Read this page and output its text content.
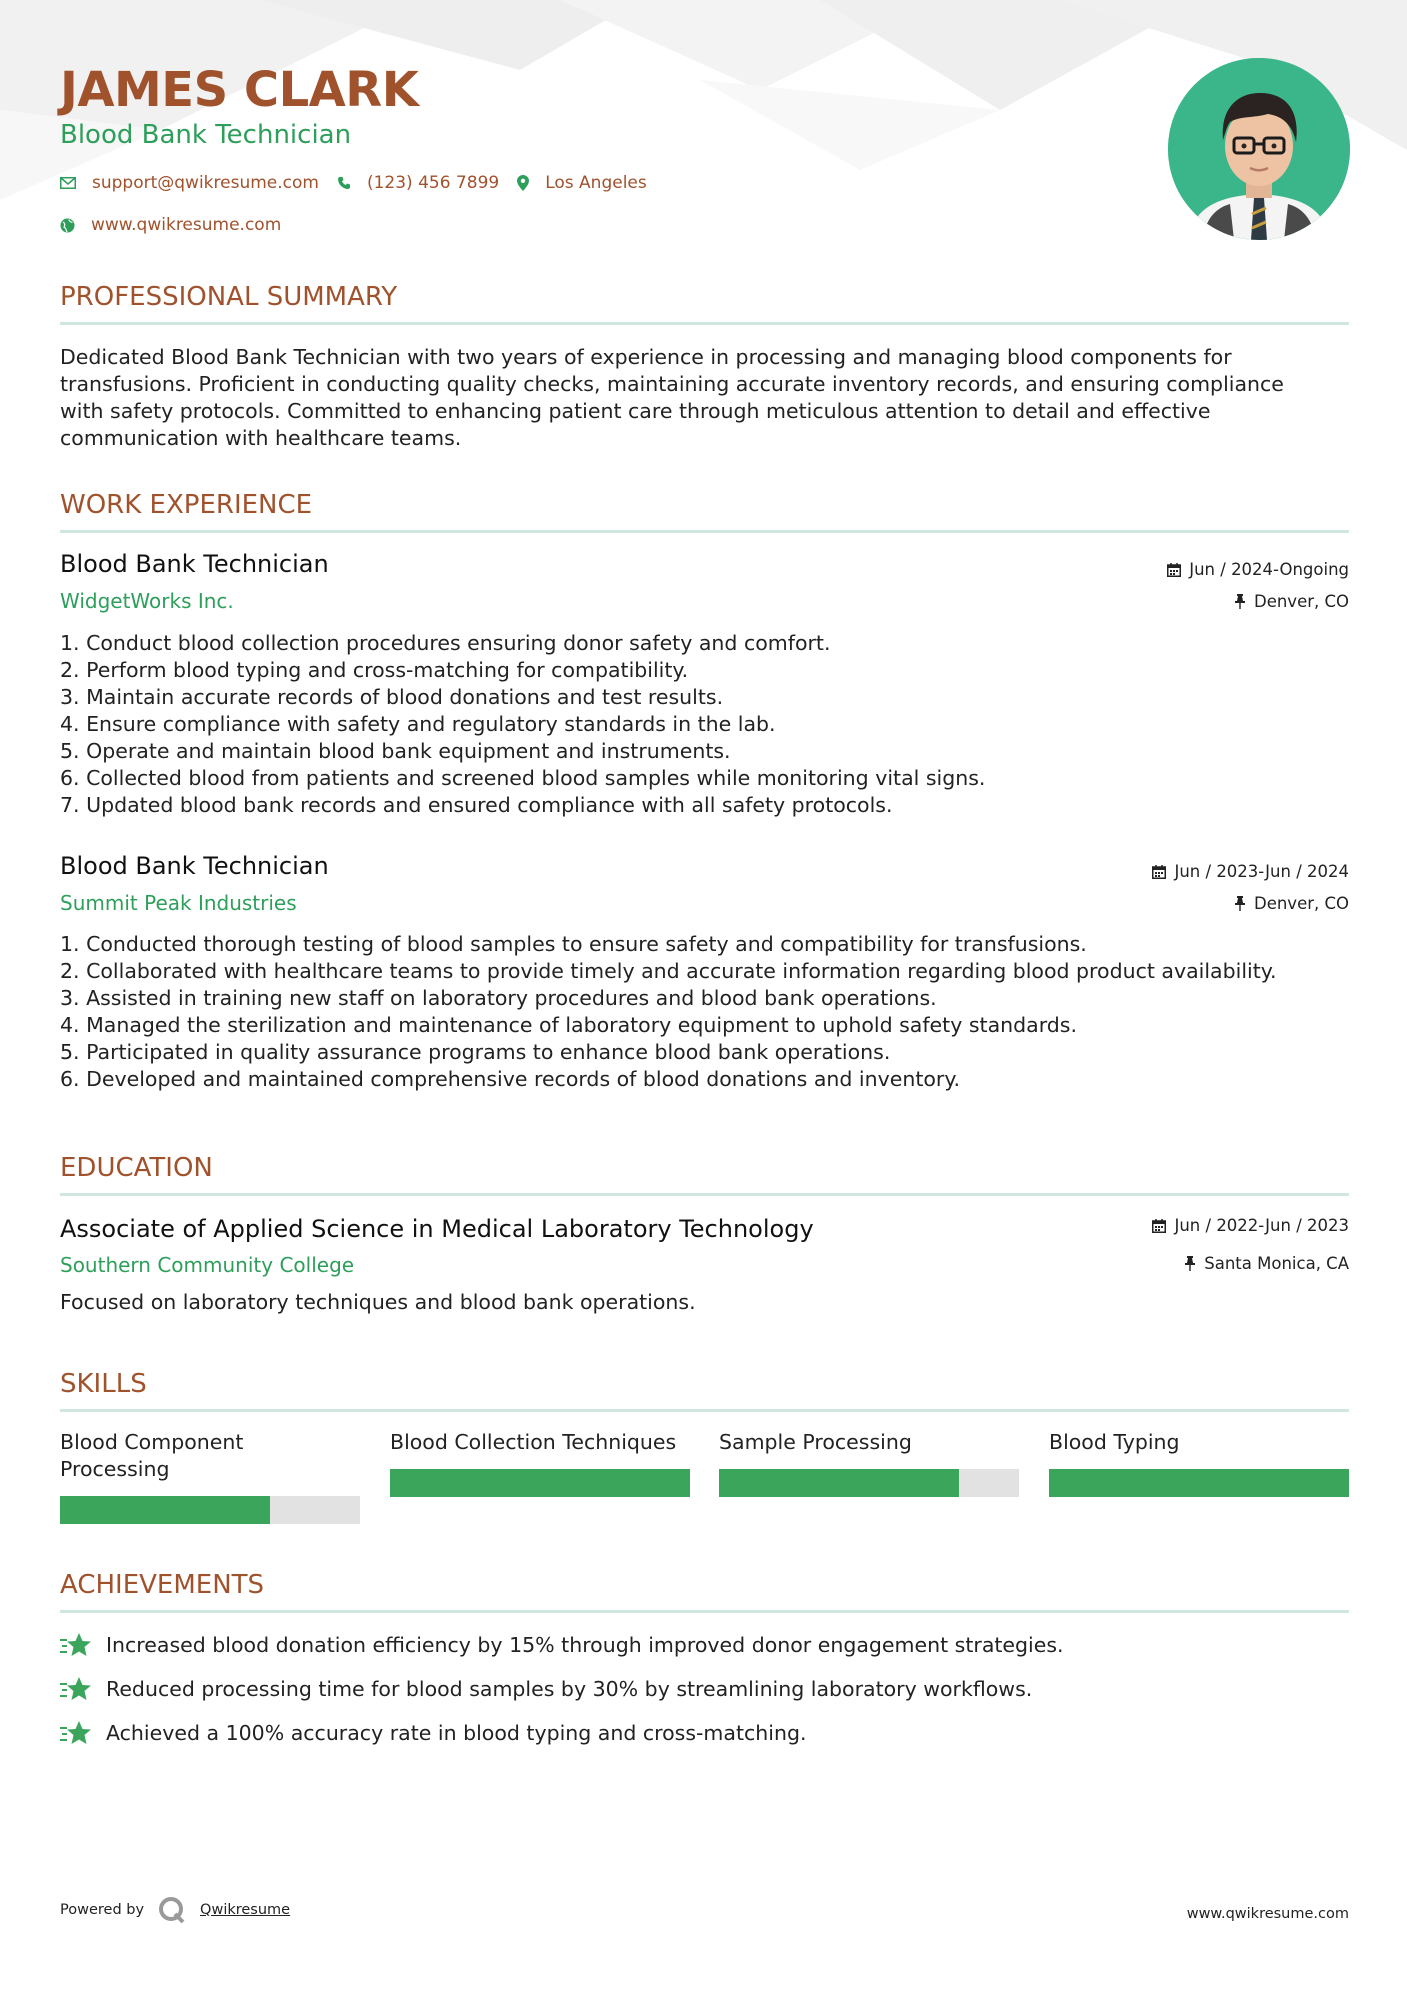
JAMES CLARK
Blood Bank Technician
support@qwikresume.com	(123) 456 7899	Los Angeles
www.qwikresume.com
PROFESSIONAL SUMMARY
Dedicated Blood Bank Technician with two years of experience in processing and managing blood components for
transfusions. Proficient in conducting quality checks, maintaining accurate inventory records, and ensuring compliance
with safety protocols. Committed to enhancing patient care through meticulous attention to detail and effective
communication with healthcare teams.
WORK EXPERIENCE
Blood Bank Technician	Jun / 2024-Ongoing
WidgetWorks Inc.	Denver, CO
1. Conduct blood collection procedures ensuring donor safety and comfort.
2. Perform blood typing and cross-matching for compatibility.
3. Maintain accurate records of blood donations and test results.
4. Ensure compliance with safety and regulatory standards in the lab.
5. Operate and maintain blood bank equipment and instruments.
6. Collected blood from patients and screened blood samples while monitoring vital signs.
7. Updated blood bank records and ensured compliance with all safety protocols.
Blood Bank Technician	Jun / 2023-Jun / 2024
Summit Peak Industries	Denver, CO
1. Conducted thorough testing of blood samples to ensure safety and compatibility for transfusions.
2. Collaborated with healthcare teams to provide timely and accurate information regarding blood product availability.
3. Assisted in training new staff on laboratory procedures and blood bank operations.
4. Managed the sterilization and maintenance of laboratory equipment to uphold safety standards.
5. Participated in quality assurance programs to enhance blood bank operations.
6. Developed and maintained comprehensive records of blood donations and inventory.
EDUCATION
Associate of Applied Science in Medical Laboratory Technology	Jun / 2022-Jun / 2023
Southern Community College	Santa Monica, CA
Focused on laboratory techniques and blood bank operations.
SKILLS
Blood Component
Processing
Blood Collection Techniques	Sample Processing	Blood Typing
ACHIEVEMENTS
Increased blood donation efficiency by 15% through improved donor engagement strategies.
Reduced processing time for blood samples by 30% by streamlining laboratory workflows.
Achieved a 100% accuracy rate in blood typing and cross-matching.
Powered by	Qwikresume	www.qwikresume.com
